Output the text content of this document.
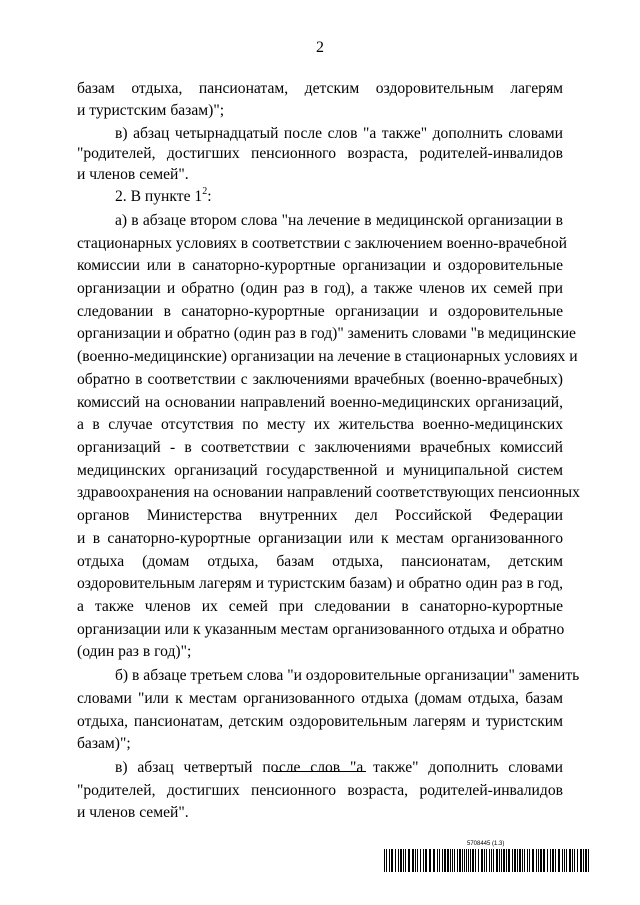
2
базам отдыха, пансионатам, детским оздоровительным лагерям
и туристским базам)";
в) абзац четырнадцатый после слов "а также" дополнить словами
"родителей, достигших пенсионного возраста, родителей-инвалидов
и членов семей".
2. В пункте $1^2$:
а) в абзаце втором слова "на лечение в медицинской организации в
стационарных условиях в соответствии с заключением военно-врачебной
комиссии или в санаторно-курортные организации и оздоровительные
организации и обратно (один раз в год), а также членов их семей при
следовании в санаторно-курортные организации и оздоровительные
организации и обратно (один раз в год)" заменить словами "в медицинские
(военно-медицинские) организации на лечение в стационарных условиях и
обратно в соответствии с заключениями врачебных (военно-врачебных)
комиссий на основании направлений военно-медицинских организаций,
а в случае отсутствия по месту их жительства военно-медицинских
организаций - в соответствии с заключениями врачебных комиссий
медицинских организаций государственной и муниципальной систем
здравоохранения на основании направлений соответствующих пенсионных
органов Министерства внутренних дел Российской Федерации
и в санаторно-курортные организации или к местам организованного
отдыха (домам отдыха, базам отдыха, пансионатам, детским
оздоровительным лагерям и туристским базам) и обратно один раз в год,
а также членов их семей при следовании в санаторно-курортные
организации или к указанным местам организованного отдыха и обратно
(один раз в год)";
б) в абзаце третьем слова "и оздоровительные организации" заменить
словами "или к местам организованного отдыха (домам отдыха, базам
отдыха, пансионатам, детским оздоровительным лагерям и туристским
базам)";
в) абзац четвертый после слов "а также" дополнить словами
"родителей, достигших пенсионного возраста, родителей-инвалидов
и членов семей".
5708445 (1.3)
